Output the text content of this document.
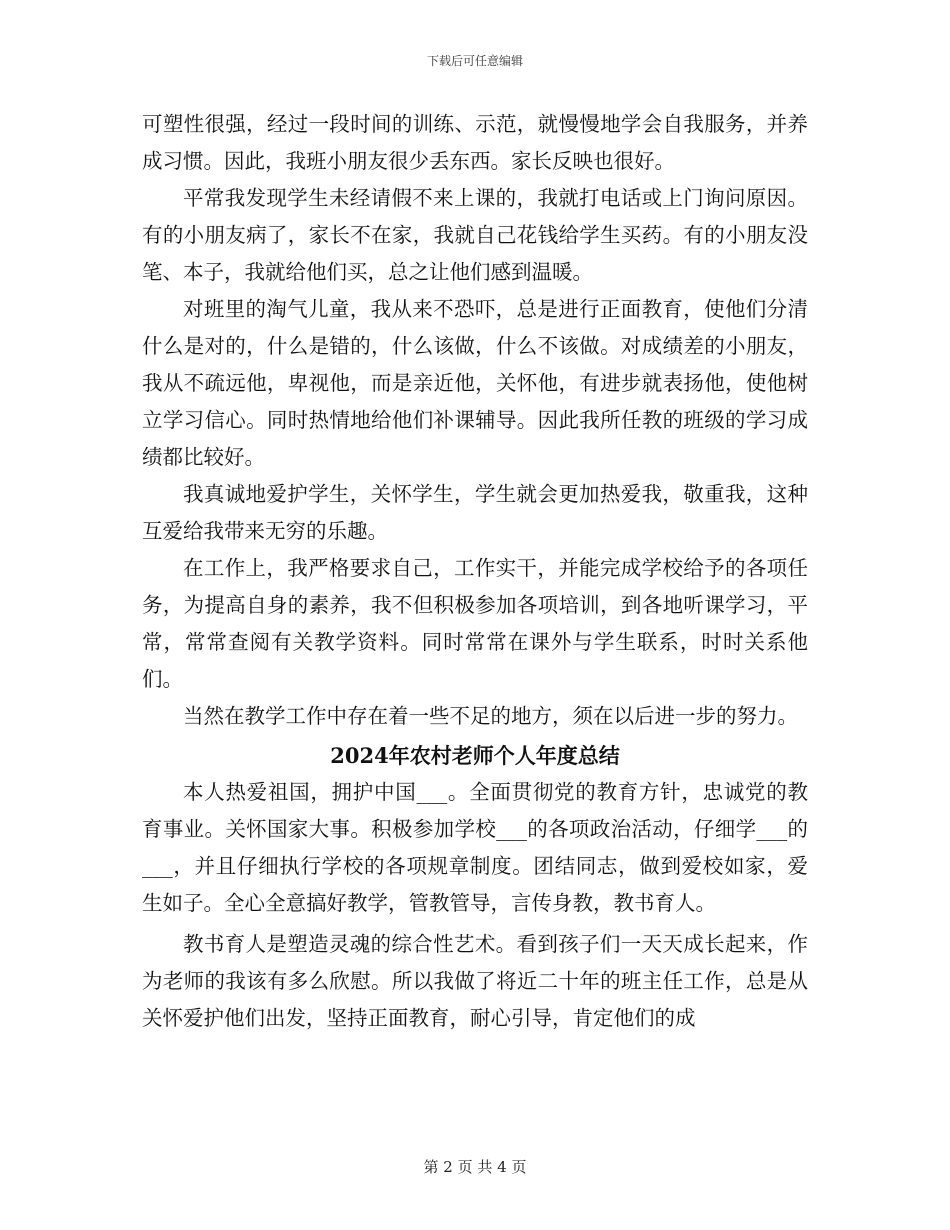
下载后可任意编辑

可塑性很强，经过一段时间的训练、示范，就慢慢地学会自我服务，并养成习惯。因此，我班小朋友很少丢东西。家长反映也很好。

平常我发现学生未经请假不来上课的，我就打电话或上门询问原因。有的小朋友病了，家长不在家，我就自己花钱给学生买药。有的小朋友没笔、本子，我就给他们买，总之让他们感到温暖。

对班里的淘气儿童，我从来不恐吓，总是进行正面教育，使他们分清什么是对的，什么是错的，什么该做，什么不该做。对成绩差的小朋友，我从不疏远他，卑视他，而是亲近他，关怀他，有进步就表扬他，使他树立学习信心。同时热情地给他们补课辅导。因此我所任教的班级的学习成绩都比较好。

我真诚地爱护学生，关怀学生，学生就会更加热爱我，敬重我，这种互爱给我带来无穷的乐趣。

在工作上，我严格要求自己，工作实干，并能完成学校给予的各项任务，为提高自身的素养，我不但积极参加各项培训，到各地听课学习，平常，常常查阅有关教学资料。同时常常在课外与学生联系，时时关系他们。

当然在教学工作中存在着一些不足的地方，须在以后进一步的努力。

2024年农村老师个人年度总结

本人热爱祖国，拥护中国___。全面贯彻党的教育方针，忠诚党的教育事业。关怀国家大事。积极参加学校___的各项政治活动，仔细学___的___，并且仔细执行学校的各项规章制度。团结同志，做到爱校如家，爱生如子。全心全意搞好教学，管教管导，言传身教，教书育人。

教书育人是塑造灵魂的综合性艺术。看到孩子们一天天成长起来，作为老师的我该有多么欣慰。所以我做了将近二十年的班主任工作，总是从关怀爱护他们出发，坚持正面教育，耐心引导，肯定他们的成

第 2 页 共 4 页
